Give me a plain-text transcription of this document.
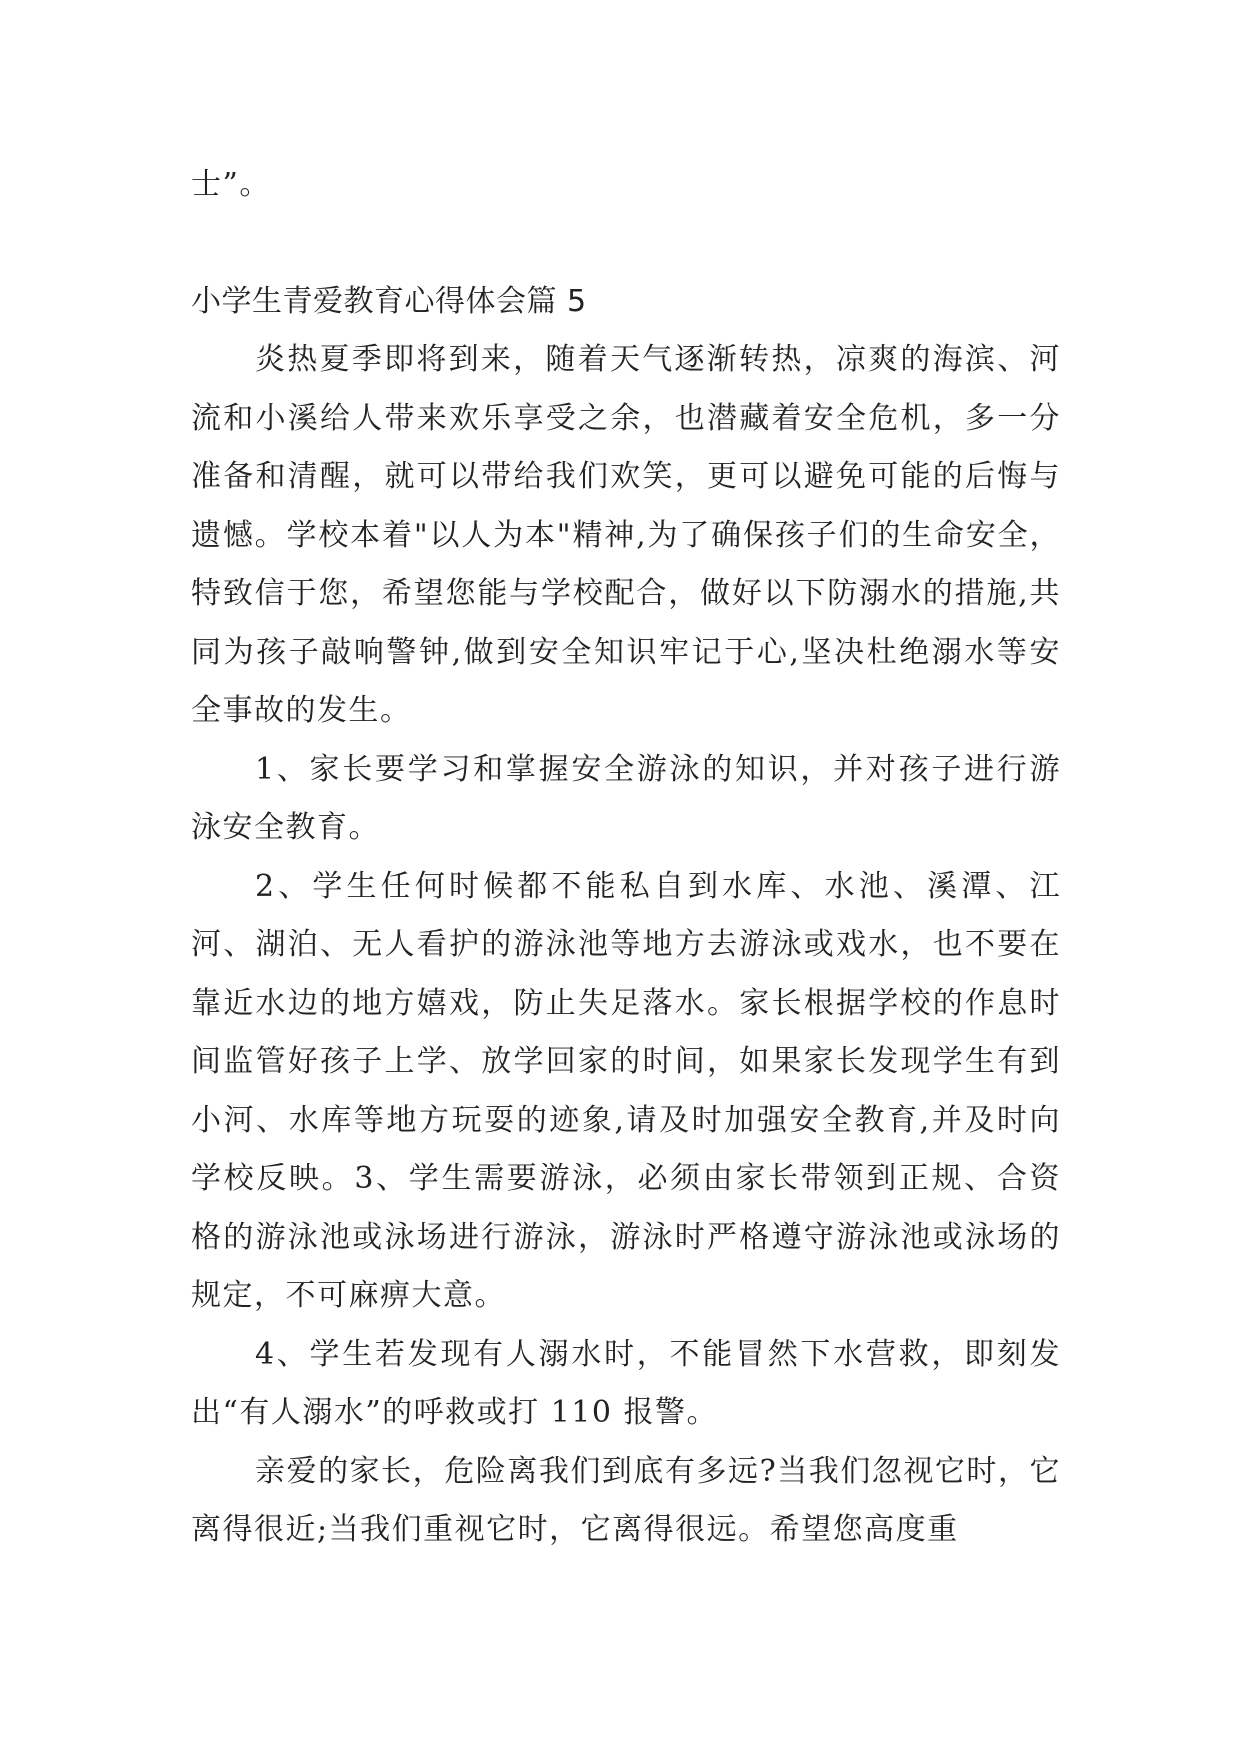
士”。

小学生青爱教育心得体会篇 5

炎热夏季即将到来，随着天气逐渐转热，凉爽的海滨、河流和小溪给人带来欢乐享受之余，也潜藏着安全危机，多一分准备和清醒，就可以带给我们欢笑，更可以避免可能的后悔与遗憾。学校本着"以人为本"精神,为了确保孩子们的生命安全，特致信于您，希望您能与学校配合，做好以下防溺水的措施,共同为孩子敲响警钟,做到安全知识牢记于心,坚决杜绝溺水等安全事故的发生。

1、家长要学习和掌握安全游泳的知识，并对孩子进行游泳安全教育。

2、学生任何时候都不能私自到水库、水池、溪潭、江河、湖泊、无人看护的游泳池等地方去游泳或戏水，也不要在靠近水边的地方嬉戏，防止失足落水。家长根据学校的作息时间监管好孩子上学、放学回家的时间，如果家长发现学生有到小河、水库等地方玩耍的迹象,请及时加强安全教育,并及时向学校反映。3、学生需要游泳，必须由家长带领到正规、合资格的游泳池或泳场进行游泳，游泳时严格遵守游泳池或泳场的规定，不可麻痹大意。

4、学生若发现有人溺水时，不能冒然下水营救，即刻发出“有人溺水”的呼救或打 110 报警。

亲爱的家长，危险离我们到底有多远?当我们忽视它时，它离得很近;当我们重视它时，它离得很远。希望您高度重
